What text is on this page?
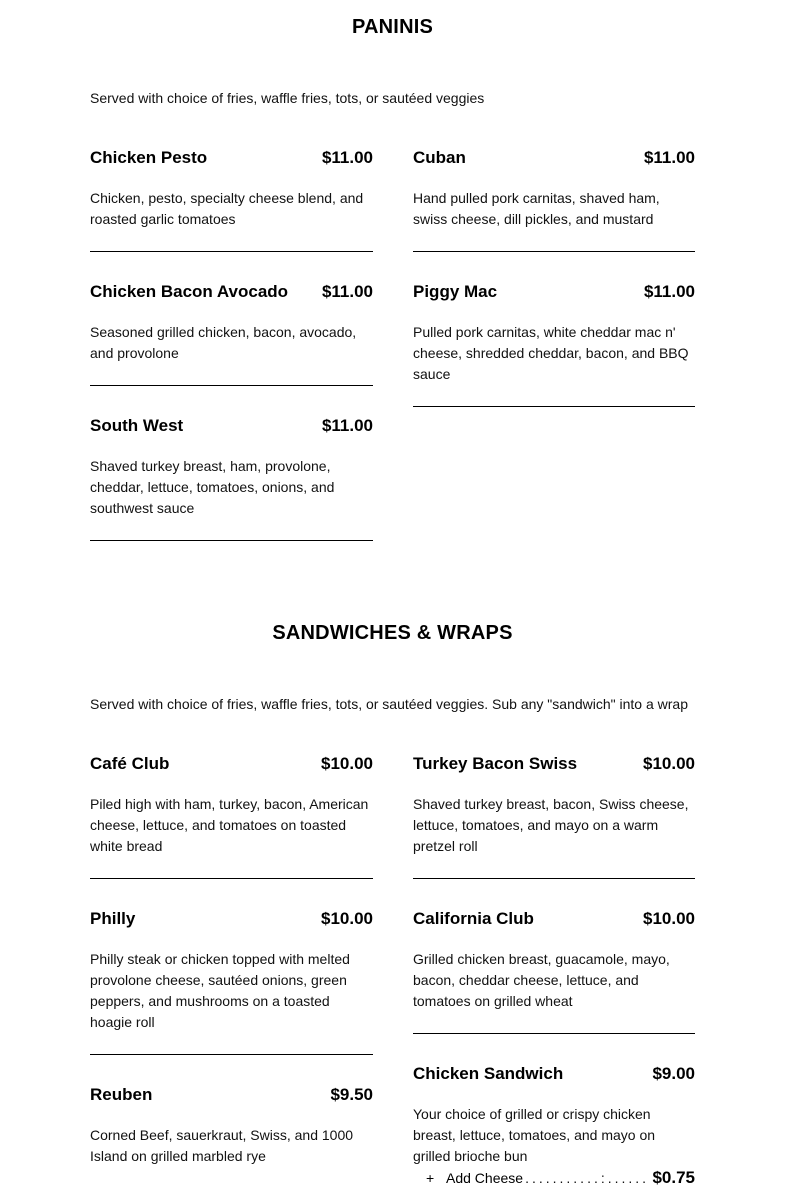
PANINIS
Served with choice of fries, waffle fries, tots, or sautéed veggies
Chicken Pesto	$11.00
Chicken, pesto, specialty cheese blend, and roasted garlic tomatoes
Cuban	$11.00
Hand pulled pork carnitas, shaved ham, swiss cheese, dill pickles, and mustard
Chicken Bacon Avocado $11.00
Seasoned grilled chicken, bacon, avocado, and provolone
Piggy Mac	$11.00
Pulled pork carnitas, white cheddar mac n' cheese, shredded cheddar, bacon, and BBQ sauce
South West	$11.00
Shaved turkey breast, ham, provolone, cheddar, lettuce, tomatoes, onions, and southwest sauce
SANDWICHES & WRAPS
Served with choice of fries, waffle fries, tots, or sautéed veggies. Sub any "sandwich" into a wrap
Café Club	$10.00
Piled high with ham, turkey, bacon, American cheese, lettuce, and tomatoes on toasted white bread
Turkey Bacon Swiss	$10.00
Shaved turkey breast, bacon, Swiss cheese, lettuce, tomatoes, and mayo on a warm pretzel roll
Philly	$10.00
Philly steak or chicken topped with melted provolone cheese, sautéed onions, green peppers, and mushrooms on a toasted hoagie roll
California Club	$10.00
Grilled chicken breast, guacamole, mayo, bacon, cheddar cheese, lettuce, and tomatoes on grilled wheat
Reuben	$9.50
Corned Beef, sauerkraut, Swiss, and 1000 Island on grilled marbled rye
Chicken Sandwich	$9.00
Your choice of grilled or crispy chicken breast, lettuce, tomatoes, and mayo on grilled brioche bun
+ Add Cheese ...........:...... $0.75
